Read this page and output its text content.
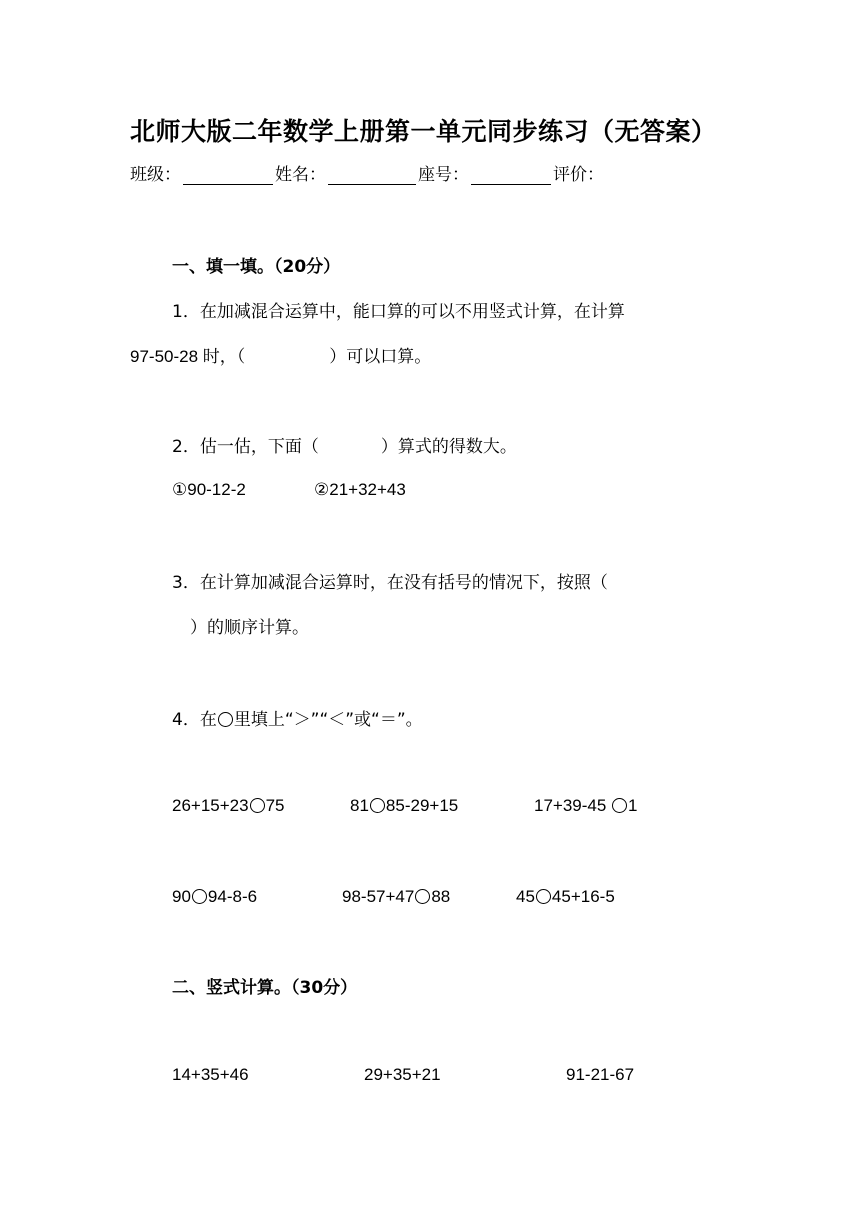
北师大版二年数学上册第一单元同步练习（无答案）
班级：	姓名：	座号：	评价：
一、填一填。（20分）
1．在加减混合运算中，能口算的可以不用竖式计算，在计算
97-50-28 时，（	）可以口算。
2．估一估，下面（	）算式的得数大。
①90-12-2	②21+32+43
3．在计算加减混合运算时，在没有括号的情况下，按照（
）的顺序计算。
4．在 里填上“＞”“＜”或“＝”。
26+15+23 75	81 85-29+15	17+39-45 1
90 94-8-6	98-57+47 88	45 45+16-5
二、竖式计算。（30分）
14+35+46	29+35+21	91-21-67
